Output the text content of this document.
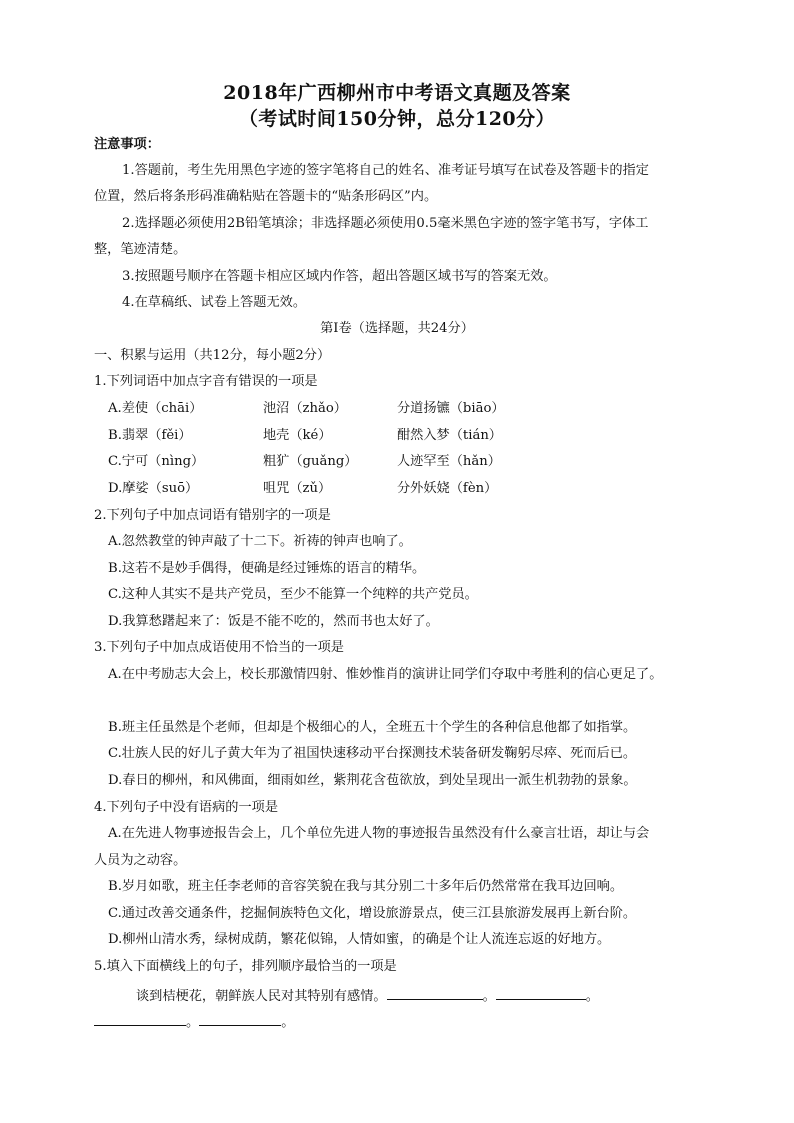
2018年广西柳州市中考语文真题及答案
（考试时间150分钟，总分120分）
注意事项：
1.答题前，考生先用黑色字迹的签字笔将自己的姓名、准考证号填写在试卷及答题卡的指定
位置，然后将条形码准确粘贴在答题卡的“贴条形码区”内。
2.选择题必须使用2B铅笔填涂；非选择题必须使用0.5毫米黑色字迹的签字笔书写，字体工
整，笔迹清楚。
3.按照题号顺序在答题卡相应区域内作答，超出答题区域书写的答案无效。
4.在草稿纸、试卷上答题无效。
第Ⅰ卷（选择题，共24分）
一、积累与运用（共12分，每小题2分）
1.下列词语中加点字音有错误的一项是
A.差使（chāi）	池沼（zhǎo）	分道扬镳（biāo）
B.翡翠（fěi）	地壳（ké）	酣然入梦（tián）
C.宁可（nìng）	粗犷（guǎng）	人迹罕至（hǎn）
D.摩娑（suō）	咀咒（zǔ）	分外妖娆（fèn）
2.下列句子中加点词语有错别字的一项是
A.忽然教堂的钟声敲了十二下。祈祷的钟声也响了。
B.这若不是妙手偶得，便确是经过锤炼的语言的精华。
C.这种人其实不是共产党员，至少不能算一个纯粹的共产党员。
D.我算愁躇起来了：饭是不能不吃的，然而书也太好了。
3.下列句子中加点成语使用不恰当的一项是
A.在中考励志大会上，校长那激情四射、惟妙惟肖的演讲让同学们夺取中考胜利的信心更足了。
B.班主任虽然是个老师，但却是个极细心的人，全班五十个学生的各种信息他都了如指掌。
C.壮族人民的好儿子黄大年为了祖国快速移动平台探测技术装备研发鞠躬尽瘁、死而后已。
D.春日的柳州，和风佛面，细雨如丝，紫荆花含苞欲放，到处呈现出一派生机勃勃的景象。
4.下列句子中没有语病的一项是
A.在先进人物事迹报告会上，几个单位先进人物的事迹报告虽然没有什么豪言壮语，却让与会
人员为之动容。
B.岁月如歌，班主任李老师的音容笑貌在我与其分别二十多年后仍然常常在我耳边回响。
C.通过改善交通条件，挖掘侗族特色文化，增设旅游景点，使三江县旅游发展再上新台阶。
D.柳州山清水秀，绿树成荫，繁花似锦，人情如蜜，的确是个让人流连忘返的好地方。
5.填入下面横线上的句子，排列顺序最恰当的一项是
谈到桔梗花，朝鲜族人民对其特别有感情。	。	。
。	。
